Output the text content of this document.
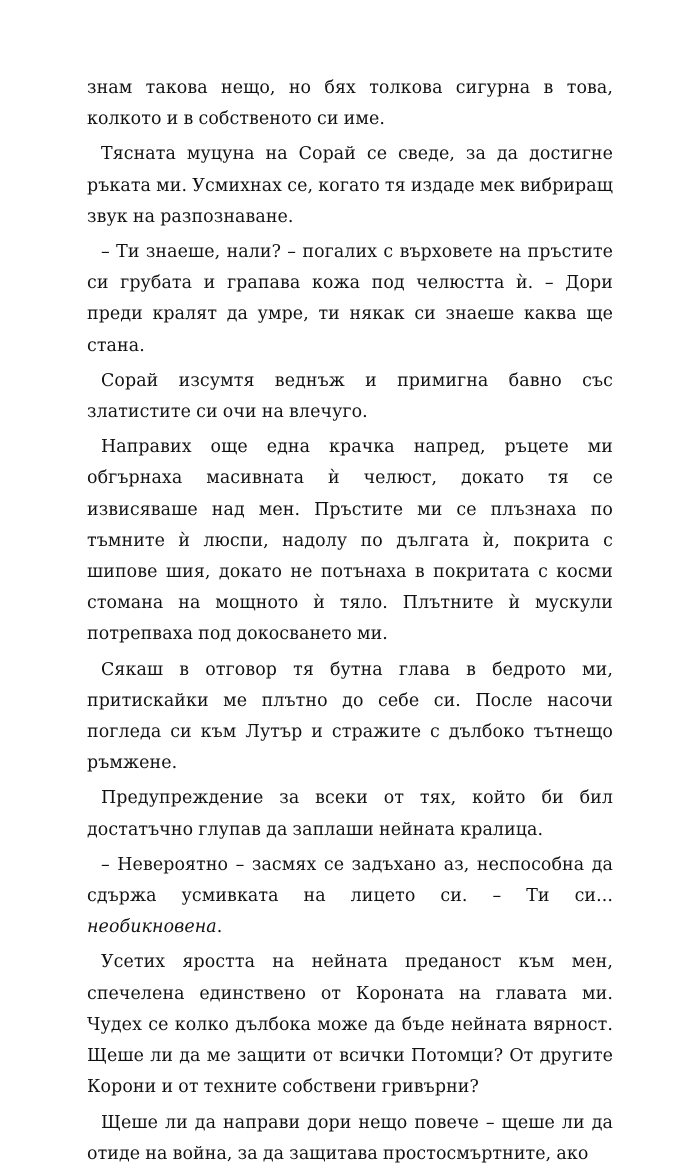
знам такова нещо, но бях толкова сигурна в това, колкото и в собственото си име.

Тясната муцуна на Сорай се сведе, за да достигне ръката ми. Усмихнах се, когато тя издаде мек вибриращ звук на разпознаване.

– Ти знаеше, нали? – погалих с върховете на пръстите си грубата и грапава кожа под челюстта ѝ. – Дори преди кралят да умре, ти някак си знаеше каква ще стана.

Сорай изсумтя веднъж и примигна бавно със златистите си очи на влечуго.

Направих още една крачка напред, ръцете ми обгърнаха масивната ѝ челюст, докато тя се извисяваше над мен. Пръстите ми се плъзнаха по тъмните ѝ люспи, надолу по дългата ѝ, покрита с шипове шия, докато не потънаха в покритата с косми стомана на мощното ѝ тяло. Плътните ѝ мускули потрепваха под докосването ми.

Сякаш в отговор тя бутна глава в бедрото ми, притискайки ме плътно до себе си. После насочи погледа си към Лутър и стражите с дълбоко тътнещо ръмжене.

Предупреждение за всеки от тях, който би бил достатъчно глупав да заплаши нейната кралица.

– Невероятно – засмях се задъхано аз, неспособна да сдържа усмивката на лицето си. – Ти си... необикновена.

Усетих яростта на нейната преданост към мен, спечелена единствено от Короната на главата ми. Чудех се колко дълбока може да бъде нейната вярност. Щеше ли да ме защити от всички Потомци? От другите Корони и от техните собствени гривърни?

Щеше ли да направи дори нещо повече – щеше ли да отиде на война, за да защитава простосмъртните, ако
